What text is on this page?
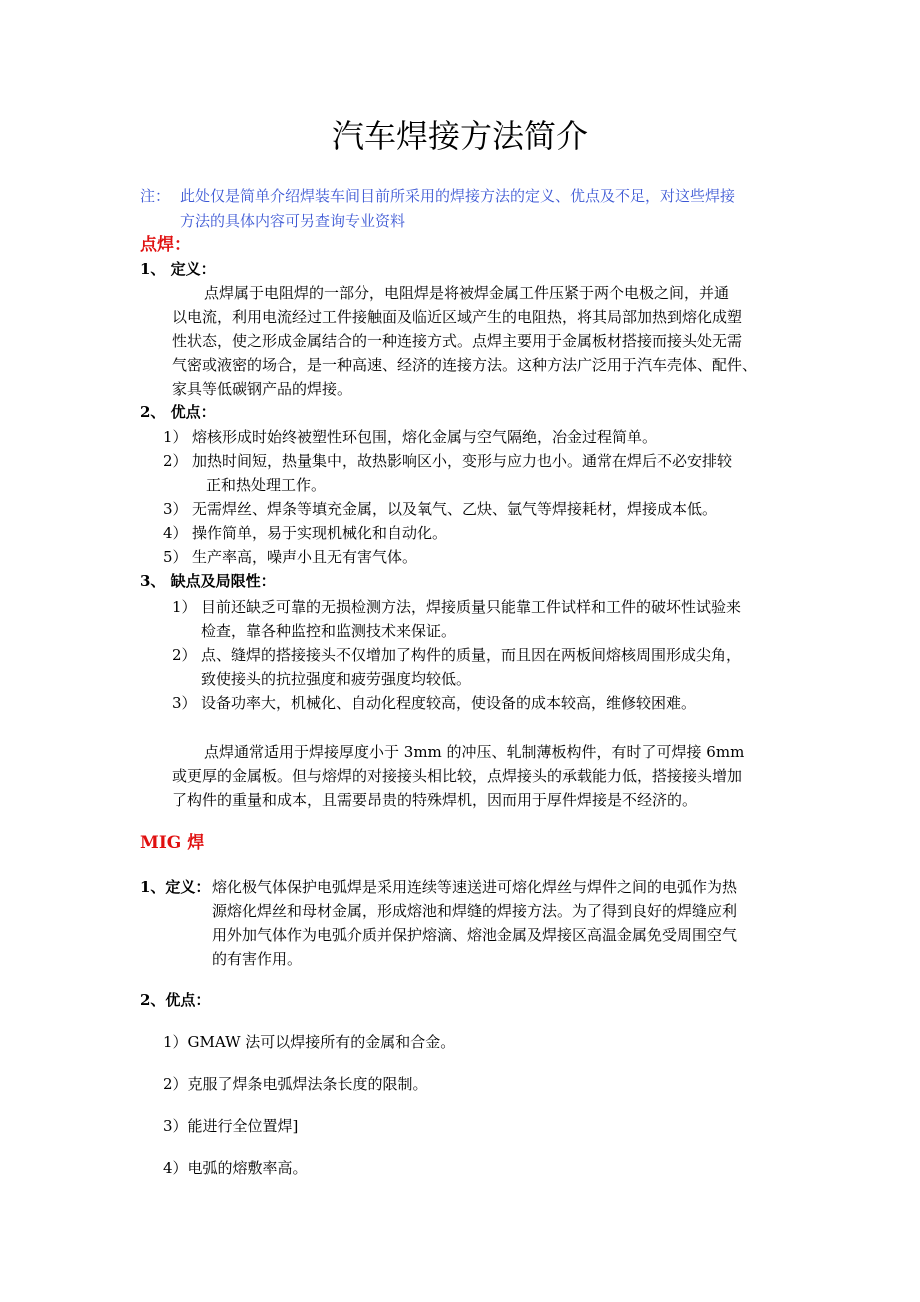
汽车焊接方法简介
注： 此处仅是简单介绍焊装车间目前所采用的焊接方法的定义、优点及不足，对这些焊接
方法的具体内容可另查询专业资料
点焊：
1、 定义：
点焊属于电阻焊的一部分，电阻焊是将被焊金属工件压紧于两个电极之间，并通
以电流，利用电流经过工件接触面及临近区域产生的电阻热，将其局部加热到熔化成塑
性状态，使之形成金属结合的一种连接方式。点焊主要用于金属板材搭接而接头处无需
气密或液密的场合，是一种高速、经济的连接方法。这种方法广泛用于汽车壳体、配件、
家具等低碳钢产品的焊接。
2、 优点：
1） 熔核形成时始终被塑性环包围，熔化金属与空气隔绝，冶金过程简单。
2） 加热时间短，热量集中，故热影响区小，变形与应力也小。通常在焊后不必安排较
正和热处理工作。
3） 无需焊丝、焊条等填充金属，以及氧气、乙炔、氩气等焊接耗材，焊接成本低。
4） 操作简单，易于实现机械化和自动化。
5） 生产率高，噪声小且无有害气体。
3、 缺点及局限性：
1） 目前还缺乏可靠的无损检测方法，焊接质量只能靠工件试样和工件的破坏性试验来
检查，靠各种监控和监测技术来保证。
2） 点、缝焊的搭接接头不仅增加了构件的质量，而且因在两板间熔核周围形成尖角，
致使接头的抗拉强度和疲劳强度均较低。
3） 设备功率大，机械化、自动化程度较高，使设备的成本较高，维修较困难。
点焊通常适用于焊接厚度小于 3mm 的冲压、轧制薄板构件，有时了可焊接 6mm
或更厚的金属板。但与熔焊的对接接头相比较，点焊接头的承载能力低，搭接接头增加
了构件的重量和成本，且需要昂贵的特殊焊机，因而用于厚件焊接是不经济的。
MIG 焊
1、定义： 熔化极气体保护电弧焊是采用连续等速送进可熔化焊丝与焊件之间的电弧作为热
源熔化焊丝和母材金属，形成熔池和焊缝的焊接方法。为了得到良好的焊缝应利
用外加气体作为电弧介质并保护熔滴、熔池金属及焊接区高温金属免受周围空气
的有害作用。
2、优点：
1）GMAW 法可以焊接所有的金属和合金。
2）克服了焊条电弧焊法条长度的限制。
3）能进行全位置焊]
4）电弧的熔敷率高。
